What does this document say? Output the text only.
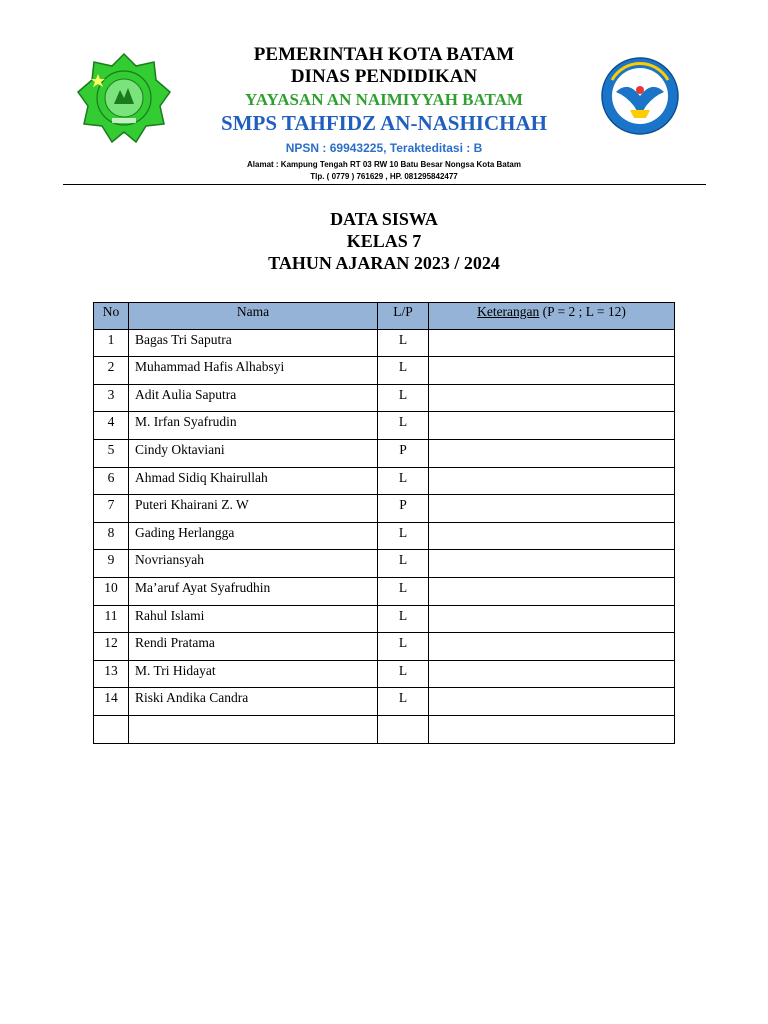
PEMERINTAH KOTA BATAM
DINAS PENDIDIKAN
YAYASAN AN NAIMIYYAH BATAM
SMPS TAHFIDZ AN-NASHICHAH
NPSN : 69943225, Terakteditasi : B
Alamat : Kampung Tengah RT 03 RW 10 Batu Besar Nongsa Kota Batam
Tlp. ( 0779 ) 761629 , HP. 081295842477
DATA SISWA
KELAS 7
TAHUN AJARAN 2023 / 2024
No	Nama	L/P	Keterangan (P = 2 ; L = 12)
1	Bagas Tri Saputra	L	
2	Muhammad Hafis Alhabsyi	L	
3	Adit Aulia Saputra	L	
4	M. Irfan Syafrudin	L	
5	Cindy Oktaviani	P	
6	Ahmad Sidiq Khairullah	L	
7	Puteri Khairani Z. W	P	
8	Gading Herlangga	L	
9	Novriansyah	L	
10	Ma’aruf Ayat Syafrudhin	L	
11	Rahul Islami	L	
12	Rendi Pratama	L	
13	M. Tri Hidayat	L	
14	Riski Andika Candra	L	
